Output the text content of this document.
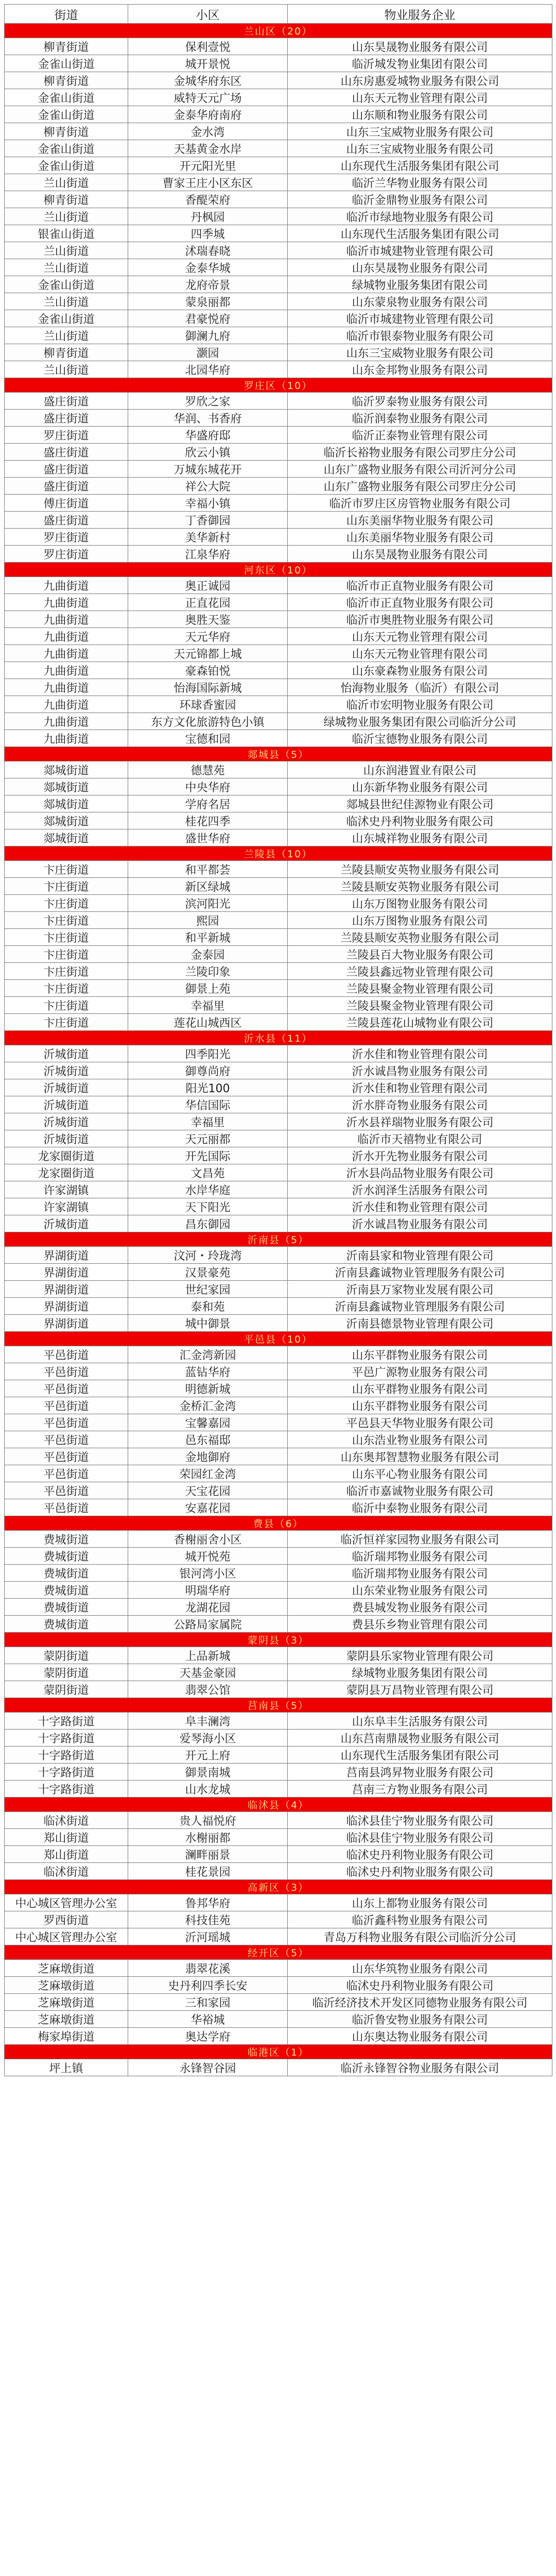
街道	小区	物业服务企业
兰山区（20）		
柳青街道	保利壹悦	山东昊晟物业服务有限公司
金雀山街道	城开景悦	临沂城发物业集团有限公司
柳青街道	金城华府东区	山东房惠爱城物业服务有限公司
金雀山街道	威特天元广场	山东天元物业管理有限公司
金雀山街道	金泰华府南府	山东顺和物业服务有限公司
柳青街道	金水湾	山东三宝威物业服务有限公司
金雀山街道	天基黄金水岸	山东三宝威物业服务有限公司
金雀山街道	开元阳光里	山东现代生活服务集团有限公司
兰山街道	曹家王庄小区东区	临沂兰华物业服务有限公司
柳青街道	香醍荣府	临沂金鼎物业服务有限公司
兰山街道	丹枫园	临沂市绿地物业服务有限公司
银雀山街道	四季城	山东现代生活服务集团有限公司
兰山街道	沭瑞春晓	临沂市城建物业管理有限公司
兰山街道	金泰华城	山东昊晟物业服务有限公司
金雀山街道	龙府帝景	绿城物业服务集团有限公司
兰山街道	蒙泉丽都	山东蒙泉物业服务有限公司
金雀山街道	君豪悦府	临沂市城建物业管理有限公司
兰山街道	御澜九府	临沂市银泰物业服务有限公司
柳青街道	灏园	山东三宝威物业服务有限公司
兰山街道	北园华府	山东金邦物业服务有限公司
罗庄区（10）		
盛庄街道	罗欣之家	临沂罗泰物业服务有限公司
盛庄街道	华润、书香府	临沂润泰物业服务有限公司
罗庄街道	华盛府邸	临沂正泰物业管理有限公司
盛庄街道	欣云小镇	临沂长裕物业服务有限公司罗庄分公司
盛庄街道	万城东城花开	山东广盛物业服务有限公司沂河分公司
盛庄街道	祥公大院	山东广盛物业服务有限公司罗庄分公司
傅庄街道	幸福小镇	临沂市罗庄区房管物业服务有限公司
盛庄街道	丁香御园	山东美丽华物业服务有限公司
罗庄街道	美华新村	山东美丽华物业服务有限公司
罗庄街道	江泉华府	山东昊晟物业服务有限公司
河东区（10）		
九曲街道	奥正诚园	临沂市正直物业服务有限公司
九曲街道	正直花园	临沂市正直物业服务有限公司
九曲街道	奥胜天鉴	临沂市奥胜物业服务有限公司
九曲街道	天元华府	山东天元物业管理有限公司
九曲街道	天元锦都上城	山东天元物业管理有限公司
九曲街道	豪森铂悦	山东豪森物业服务有限公司
九曲街道	怡海国际新城	怡海物业服务（临沂）有限公司
九曲街道	环球香蜜园	临沂市宏明物业服务有限公司
九曲街道	东方文化旅游特色小镇	绿城物业服务集团有限公司临沂分公司
九曲街道	宝德和园	临沂宝德物业服务有限公司
郯城县（5）		
郯城街道	德慧苑	山东润港置业有限公司
郯城街道	中央华府	山东新华物业服务有限公司
郯城街道	学府名居	郯城县世纪佳源物业有限公司
郯城街道	桂花四季	临沭史丹利物业服务有限公司
郯城街道	盛世华府	山东城祥物业服务有限公司
兰陵县（10）		
卞庄街道	和平都荟	兰陵县顺安英物业服务有限公司
卞庄街道	新区绿城	兰陵县顺安英物业服务有限公司
卞庄街道	滨河阳光	山东万图物业服务有限公司
卞庄街道	熙园	山东万图物业服务有限公司
卞庄街道	和平新城	兰陵县顺安英物业服务有限公司
卞庄街道	金泰园	兰陵县百大物业服务有限公司
卞庄街道	兰陵印象	兰陵县鑫远物业管理有限公司
卞庄街道	御景上苑	兰陵县聚金物业管理有限公司
卞庄街道	幸福里	兰陵县聚金物业管理有限公司
卞庄街道	莲花山城西区	兰陵县莲花山城物业有限公司
沂水县（11）		
沂城街道	四季阳光	沂水佳和物业管理有限公司
沂城街道	御尊尚府	沂水诚昌物业服务有限公司
沂城街道	阳光100	沂水佳和物业管理有限公司
沂城街道	华信国际	沂水胖奇物业服务有限公司
沂城街道	幸福里	沂水县祥瑞物业服务有限公司
沂城街道	天元丽都	临沂市天禧物业有限公司
龙家圈街道	开先国际	沂水开先物业服务有限公司
龙家圈街道	文昌苑	沂水县尚品物业服务有限公司
许家湖镇	水岸华庭	沂水润泽生活服务有限公司
许家湖镇	天下阳光	沂水佳和物业管理有限公司
沂城街道	昌东御园	沂水诚昌物业服务有限公司
沂南县（5）		
界湖街道	汶河・玲珑湾	沂南县家和物业管理有限公司
界湖街道	汉景豪苑	沂南县鑫诚物业管理服务有限公司
界湖街道	世纪家园	沂南县万家物业发展有限公司
界湖街道	泰和苑	沂南县鑫诚物业管理服务有限公司
界湖街道	城中御景	沂南县德景物业管理有限公司
平邑县（10）		
平邑街道	汇金湾新园	山东平群物业服务有限公司
平邑街道	蓝钻华府	平邑广源物业服务有限公司
平邑街道	明德新城	山东平群物业服务有限公司
平邑街道	金桥汇金湾	山东平群物业服务有限公司
平邑街道	宝馨嘉园	平邑县天华物业服务有限公司
平邑街道	邑东福邸	山东浩业物业服务有限公司
平邑街道	金地御府	山东奥邦智慧物业服务有限公司
平邑街道	荣园红金湾	山东平心物业服务有限公司
平邑街道	天宝花园	临沂市嘉诚物业服务有限公司
平邑街道	安嘉花园	临沂中泰物业服务有限公司
费县（6）		
费城街道	香榭丽舍小区	临沂恒祥家园物业服务有限公司
费城街道	城开悦苑	临沂瑞邦物业服务有限公司
费城街道	银河湾小区	临沂瑞邦物业服务有限公司
费城街道	明瑞华府	山东荣业物业服务有限公司
费城街道	龙湖花园	费县城发物业服务有限公司
费城街道	公路局家属院	费县乐乡物业管理有限公司
蒙阴县（3）		
蒙阴街道	上品新城	蒙阴县乐家物业管理有限公司
蒙阴街道	天基金豪园	绿城物业服务集团有限公司
蒙阴街道	翡翠公馆	蒙阴县万昌物业管理有限公司
莒南县（5）		
十字路街道	阜丰澜湾	山东阜丰生活服务有限公司
十字路街道	爱琴海小区	山东莒南鼎晟物业服务有限公司
十字路街道	开元上府	山东现代生活服务集团有限公司
十字路街道	御景南城	莒南县鸿昇物业服务有限公司
十字路街道	山水龙城	莒南三方物业服务有限公司
临沭县（4）		
临沭街道	贵人福悦府	临沭县佳宁物业服务有限公司
郑山街道	水榭丽都	临沭县佳宁物业服务有限公司
郑山街道	澜畔丽景	临沭史丹利物业服务有限公司
临沭街道	桂花景园	临沭史丹利物业服务有限公司
高新区（3）		
中心城区管理办公室	鲁邦华府	山东上都物业服务有限公司
罗西街道	科技佳苑	临沂鑫科物业服务有限公司
中心城区管理办公室	沂河瑶城	青岛万科物业服务有限公司临沂分公司
经开区（5）		
芝麻墩街道	翡翠花溪	山东华筑物业服务有限公司
芝麻墩街道	史丹利四季长安	临沭史丹利物业服务有限公司
芝麻墩街道	三和家园	临沂经济技术开发区同德物业服务有限公司
芝麻墩街道	华裕城	临沂鲁安物业服务有限公司
梅家埠街道	奥达学府	山东奥达物业服务有限公司
临港区（1）		
坪上镇	永锋智谷园	临沂永锋智谷物业服务有限公司
